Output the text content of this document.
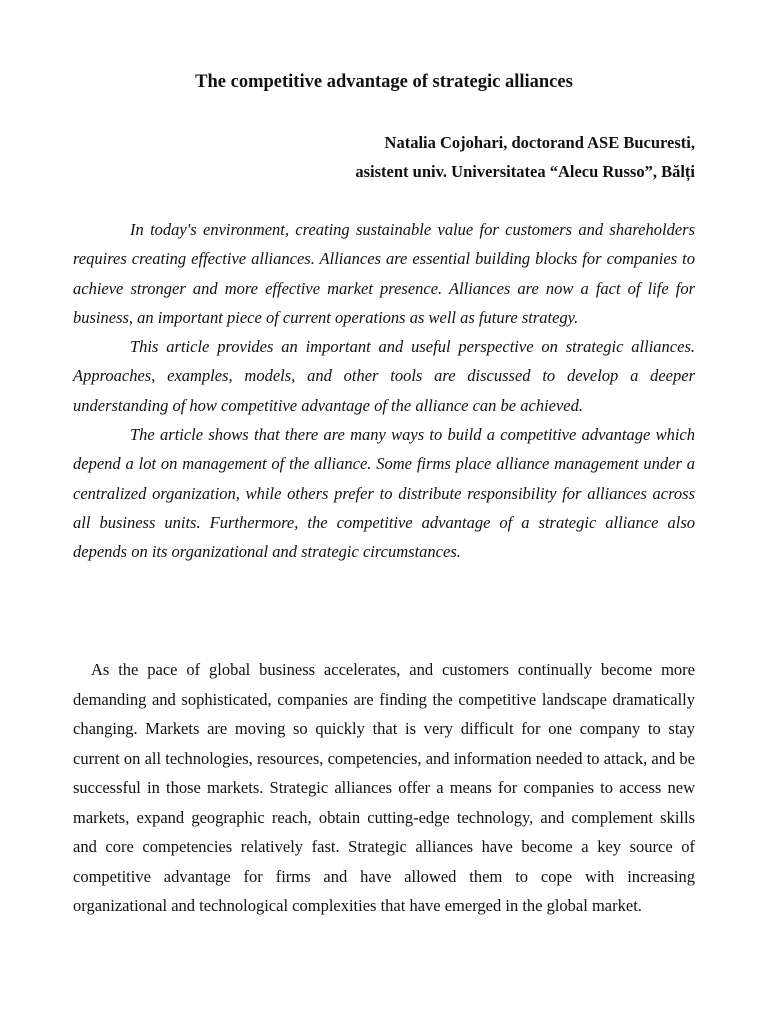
The competitive advantage of strategic alliances
Natalia Cojohari, doctorand ASE Bucuresti,
asistent univ. Universitatea “Alecu Russo”, Bălți

In today's environment, creating sustainable value for customers and shareholders requires creating effective alliances. Alliances are essential building blocks for companies to achieve stronger and more effective market presence. Alliances are now a fact of life for business, an important piece of current operations as well as future strategy.

This article provides an important and useful perspective on strategic alliances. Approaches, examples, models, and other tools are discussed to develop a deeper understanding of how competitive advantage of the alliance can be achieved.

The article shows that there are many ways to build a competitive advantage which depend a lot on management of the alliance. Some firms place alliance management under a centralized organization, while others prefer to distribute responsibility for alliances across all business units. Furthermore, the competitive advantage of a strategic alliance also depends on its organizational and strategic circumstances.

As the pace of global business accelerates, and customers continually become more demanding and sophisticated, companies are finding the competitive landscape dramatically changing. Markets are moving so quickly that is very difficult for one company to stay current on all technologies, resources, competencies, and information needed to attack, and be successful in those markets. Strategic alliances offer a means for companies to access new markets, expand geographic reach, obtain cutting-edge technology, and complement skills and core competencies relatively fast. Strategic alliances have become a key source of competitive advantage for firms and have allowed them to cope with increasing organizational and technological complexities that have emerged in the global market.
